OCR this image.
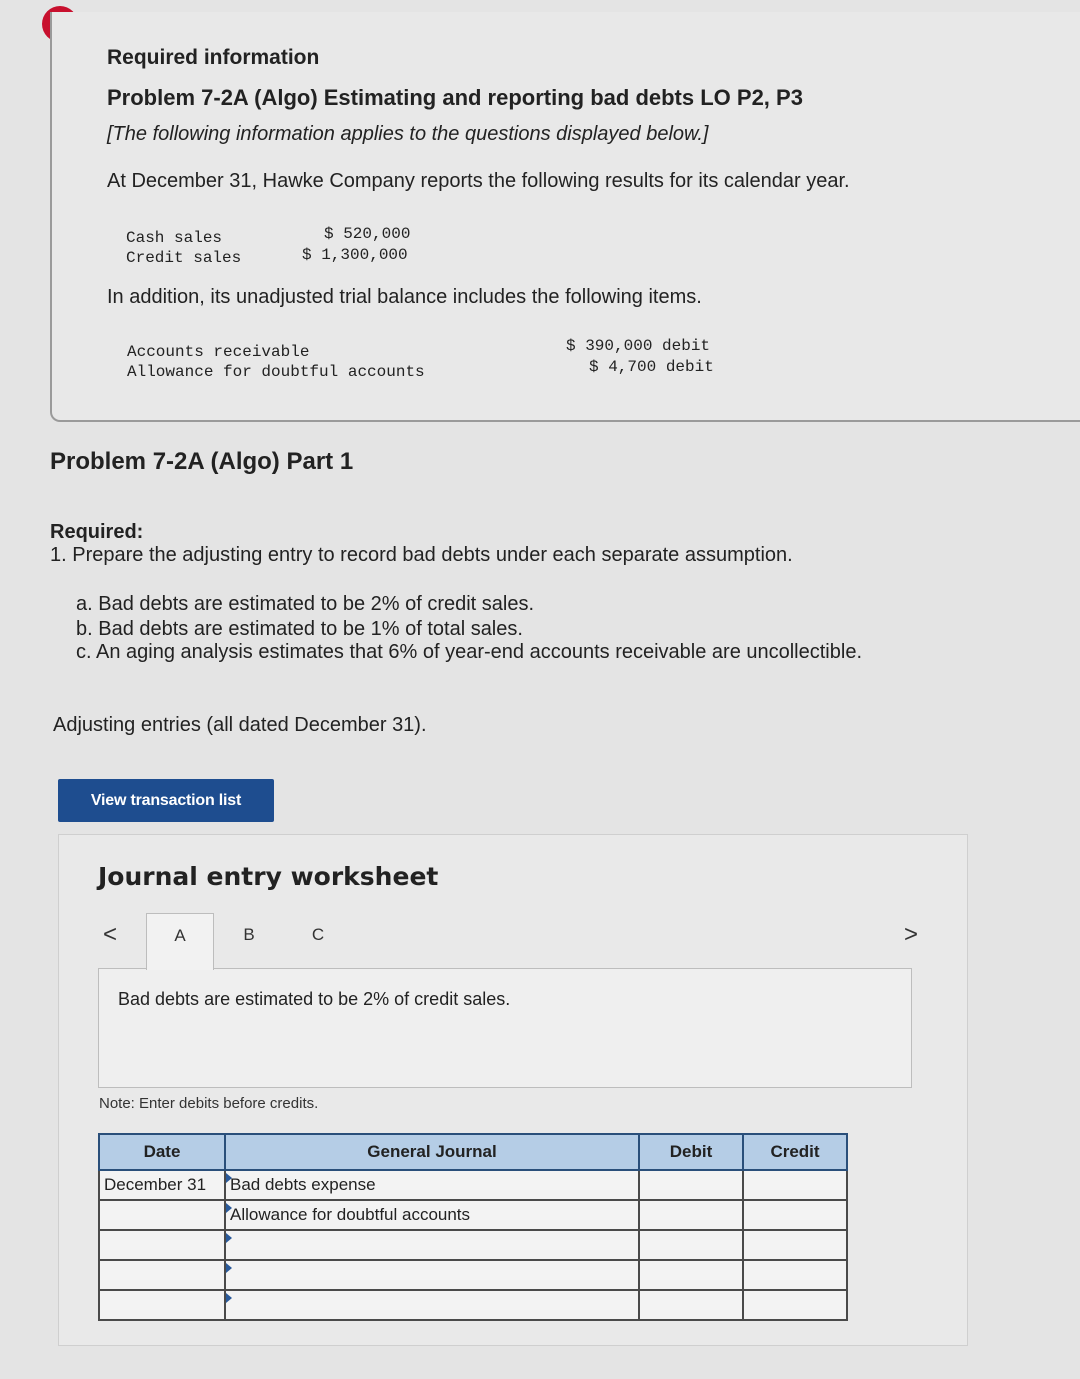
Required information
Problem 7-2A (Algo) Estimating and reporting bad debts LO P2, P3
[The following information applies to the questions displayed below.]
At December 31, Hawke Company reports the following results for its calendar year.
Cash sales	$ 520,000
Credit sales	$ 1,300,000
In addition, its unadjusted trial balance includes the following items.
Accounts receivable	$ 390,000 debit
Allowance for doubtful accounts	$ 4,700 debit
Problem 7-2A (Algo) Part 1
Required:
1. Prepare the adjusting entry to record bad debts under each separate assumption.
a. Bad debts are estimated to be 2% of credit sales.
b. Bad debts are estimated to be 1% of total sales.
c. An aging analysis estimates that 6% of year-end accounts receivable are uncollectible.
Adjusting entries (all dated December 31).
View transaction list
Journal entry worksheet
<	A	B	C	>
Bad debts are estimated to be 2% of credit sales.
Note: Enter debits before credits.
Date	General Journal	Debit	Credit
December 31	Bad debts expense		
	Allowance for doubtful accounts		
